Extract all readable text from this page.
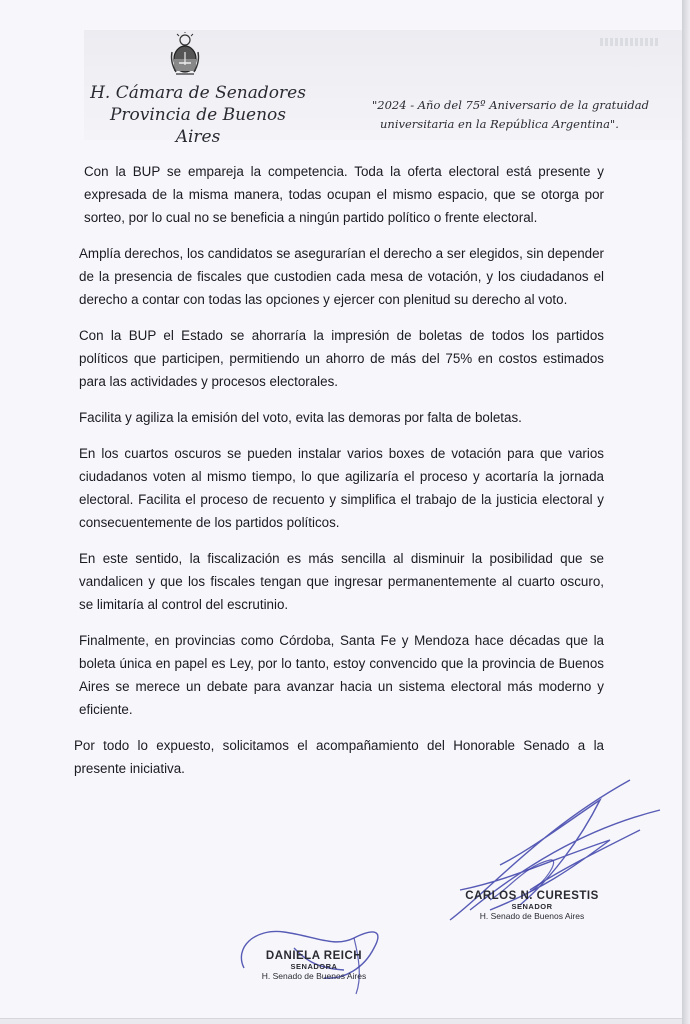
H. Cámara de Senadores
Provincia de Buenos Aires
"2024 - Año del 75º Aniversario de la gratuidad
universitaria en la República Argentina".

Con la BUP se empareja la competencia. Toda la oferta electoral está presente y expresada de la misma manera, todas ocupan el mismo espacio, que se otorga por sorteo, por lo cual no se beneficia a ningún partido político o frente electoral.

Amplía derechos, los candidatos se asegurarían el derecho a ser elegidos, sin depender de la presencia de fiscales que custodien cada mesa de votación, y los ciudadanos el derecho a contar con todas las opciones y ejercer con plenitud su derecho al voto.

Con la BUP el Estado se ahorraría la impresión de boletas de todos los partidos políticos que participen, permitiendo un ahorro de más del 75% en costos estimados para las actividades y procesos electorales.

Facilita y agiliza la emisión del voto, evita las demoras por falta de boletas.

En los cuartos oscuros se pueden instalar varios boxes de votación para que varios ciudadanos voten al mismo tiempo, lo que agilizaría el proceso y acortaría la jornada electoral. Facilita el proceso de recuento y simplifica el trabajo de la justicia electoral y consecuentemente de los partidos políticos.

En este sentido, la fiscalización es más sencilla al disminuir la posibilidad que se vandalicen y que los fiscales tengan que ingresar permanentemente al cuarto oscuro, se limitaría al control del escrutinio.

Finalmente, en provincias como Córdoba, Santa Fe y Mendoza hace décadas que la boleta única en papel es Ley, por lo tanto, estoy convencido que la provincia de Buenos Aires se merece un debate para avanzar hacia un sistema electoral más moderno y eficiente.

Por todo lo expuesto, solicitamos el acompañamiento del Honorable Senado a la presente iniciativa.

CARLOS N. CURESTIS
SENADOR
H. Senado de Buenos Aires
DANIELA REICH
SENADORA
H. Senado de Buenos Aires
